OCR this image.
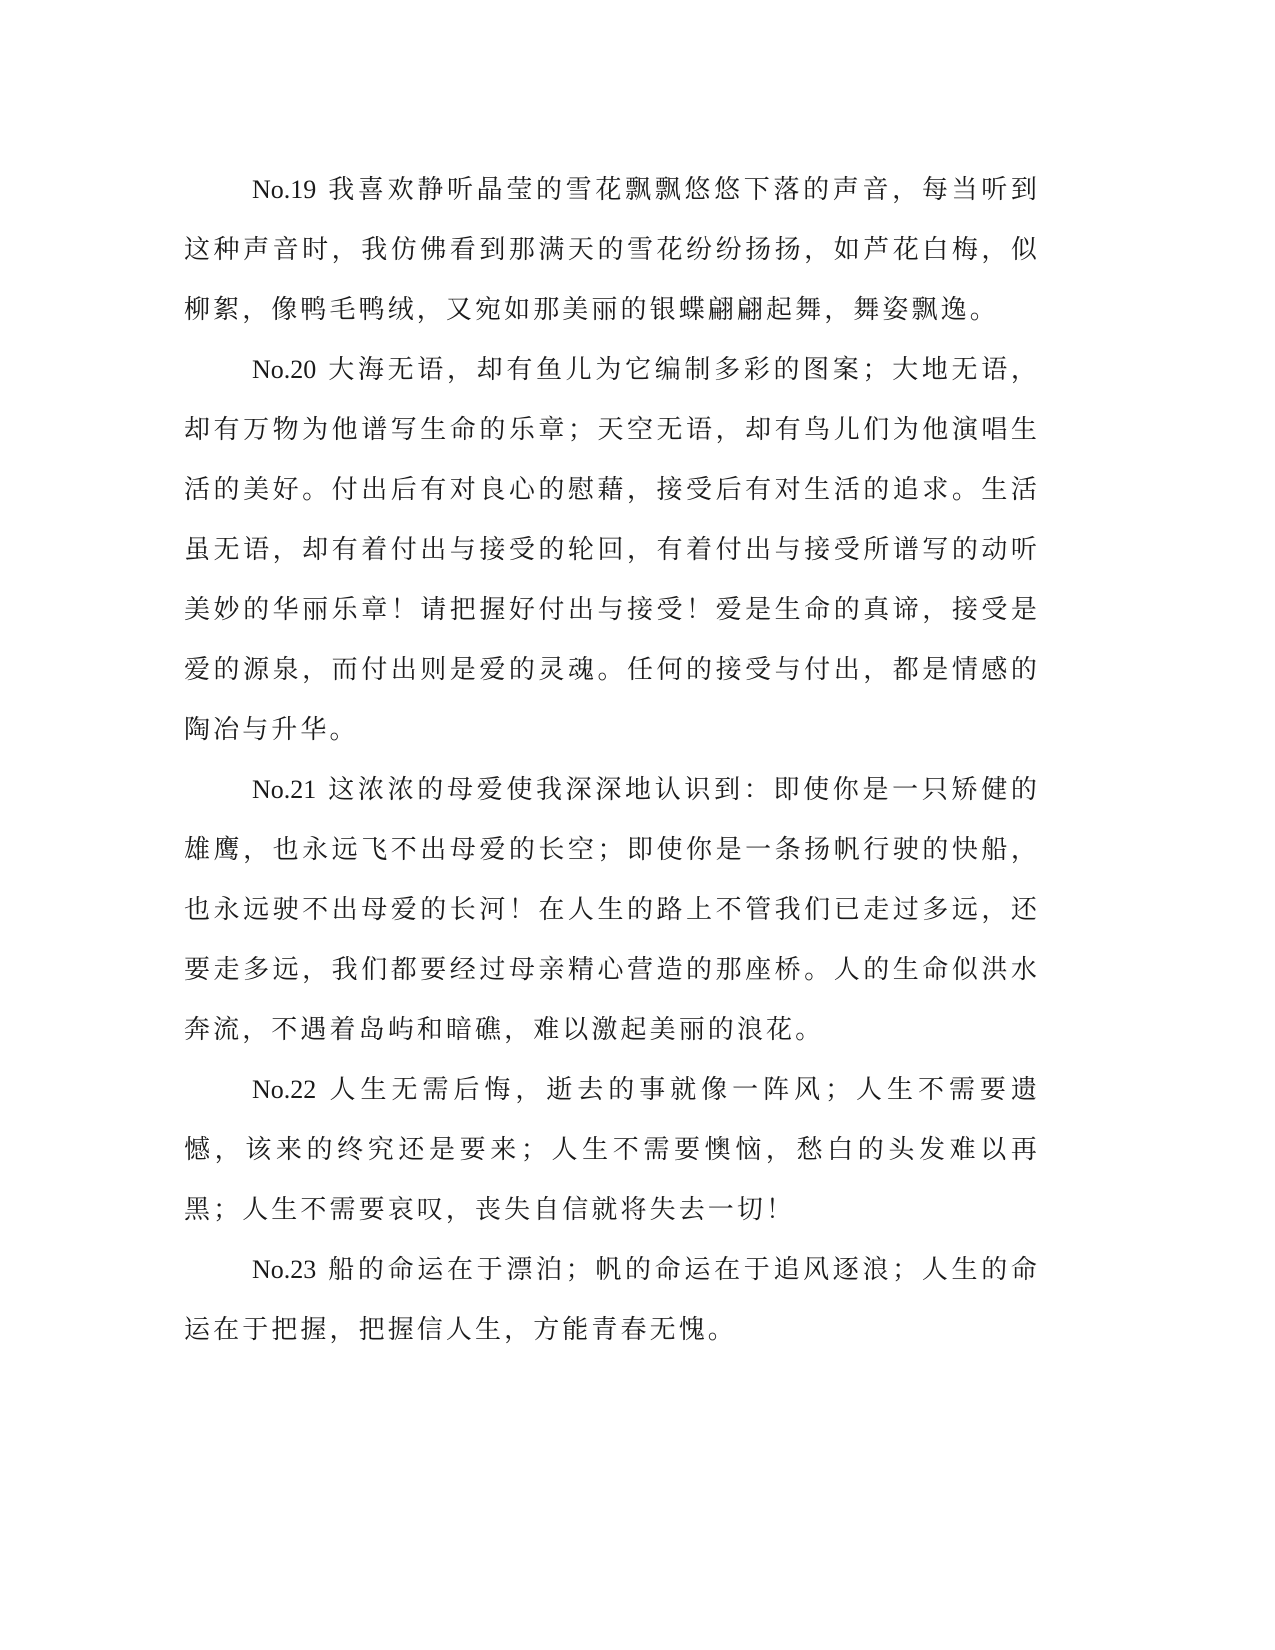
No.19 我喜欢静听晶莹的雪花飘飘悠悠下落的声音，每当听到这种声音时，我仿佛看到那满天的雪花纷纷扬扬，如芦花白梅，似柳絮，像鸭毛鸭绒，又宛如那美丽的银蝶翩翩起舞，舞姿飘逸。

No.20 大海无语，却有鱼儿为它编制多彩的图案；大地无语，却有万物为他谱写生命的乐章；天空无语，却有鸟儿们为他演唱生活的美好。付出后有对良心的慰藉，接受后有对生活的追求。生活虽无语，却有着付出与接受的轮回，有着付出与接受所谱写的动听美妙的华丽乐章！请把握好付出与接受！爱是生命的真谛，接受是爱的源泉，而付出则是爱的灵魂。任何的接受与付出，都是情感的陶冶与升华。

No.21 这浓浓的母爱使我深深地认识到：即使你是一只矫健的雄鹰，也永远飞不出母爱的长空；即使你是一条扬帆行驶的快船，也永远驶不出母爱的长河！在人生的路上不管我们已走过多远，还要走多远，我们都要经过母亲精心营造的那座桥。人的生命似洪水奔流，不遇着岛屿和暗礁，难以激起美丽的浪花。

No.22 人生无需后悔，逝去的事就像一阵风；人生不需要遗憾，该来的终究还是要来；人生不需要懊恼，愁白的头发难以再黑；人生不需要哀叹，丧失自信就将失去一切！

No.23 船的命运在于漂泊；帆的命运在于追风逐浪；人生的命运在于把握，把握信人生，方能青春无愧。
